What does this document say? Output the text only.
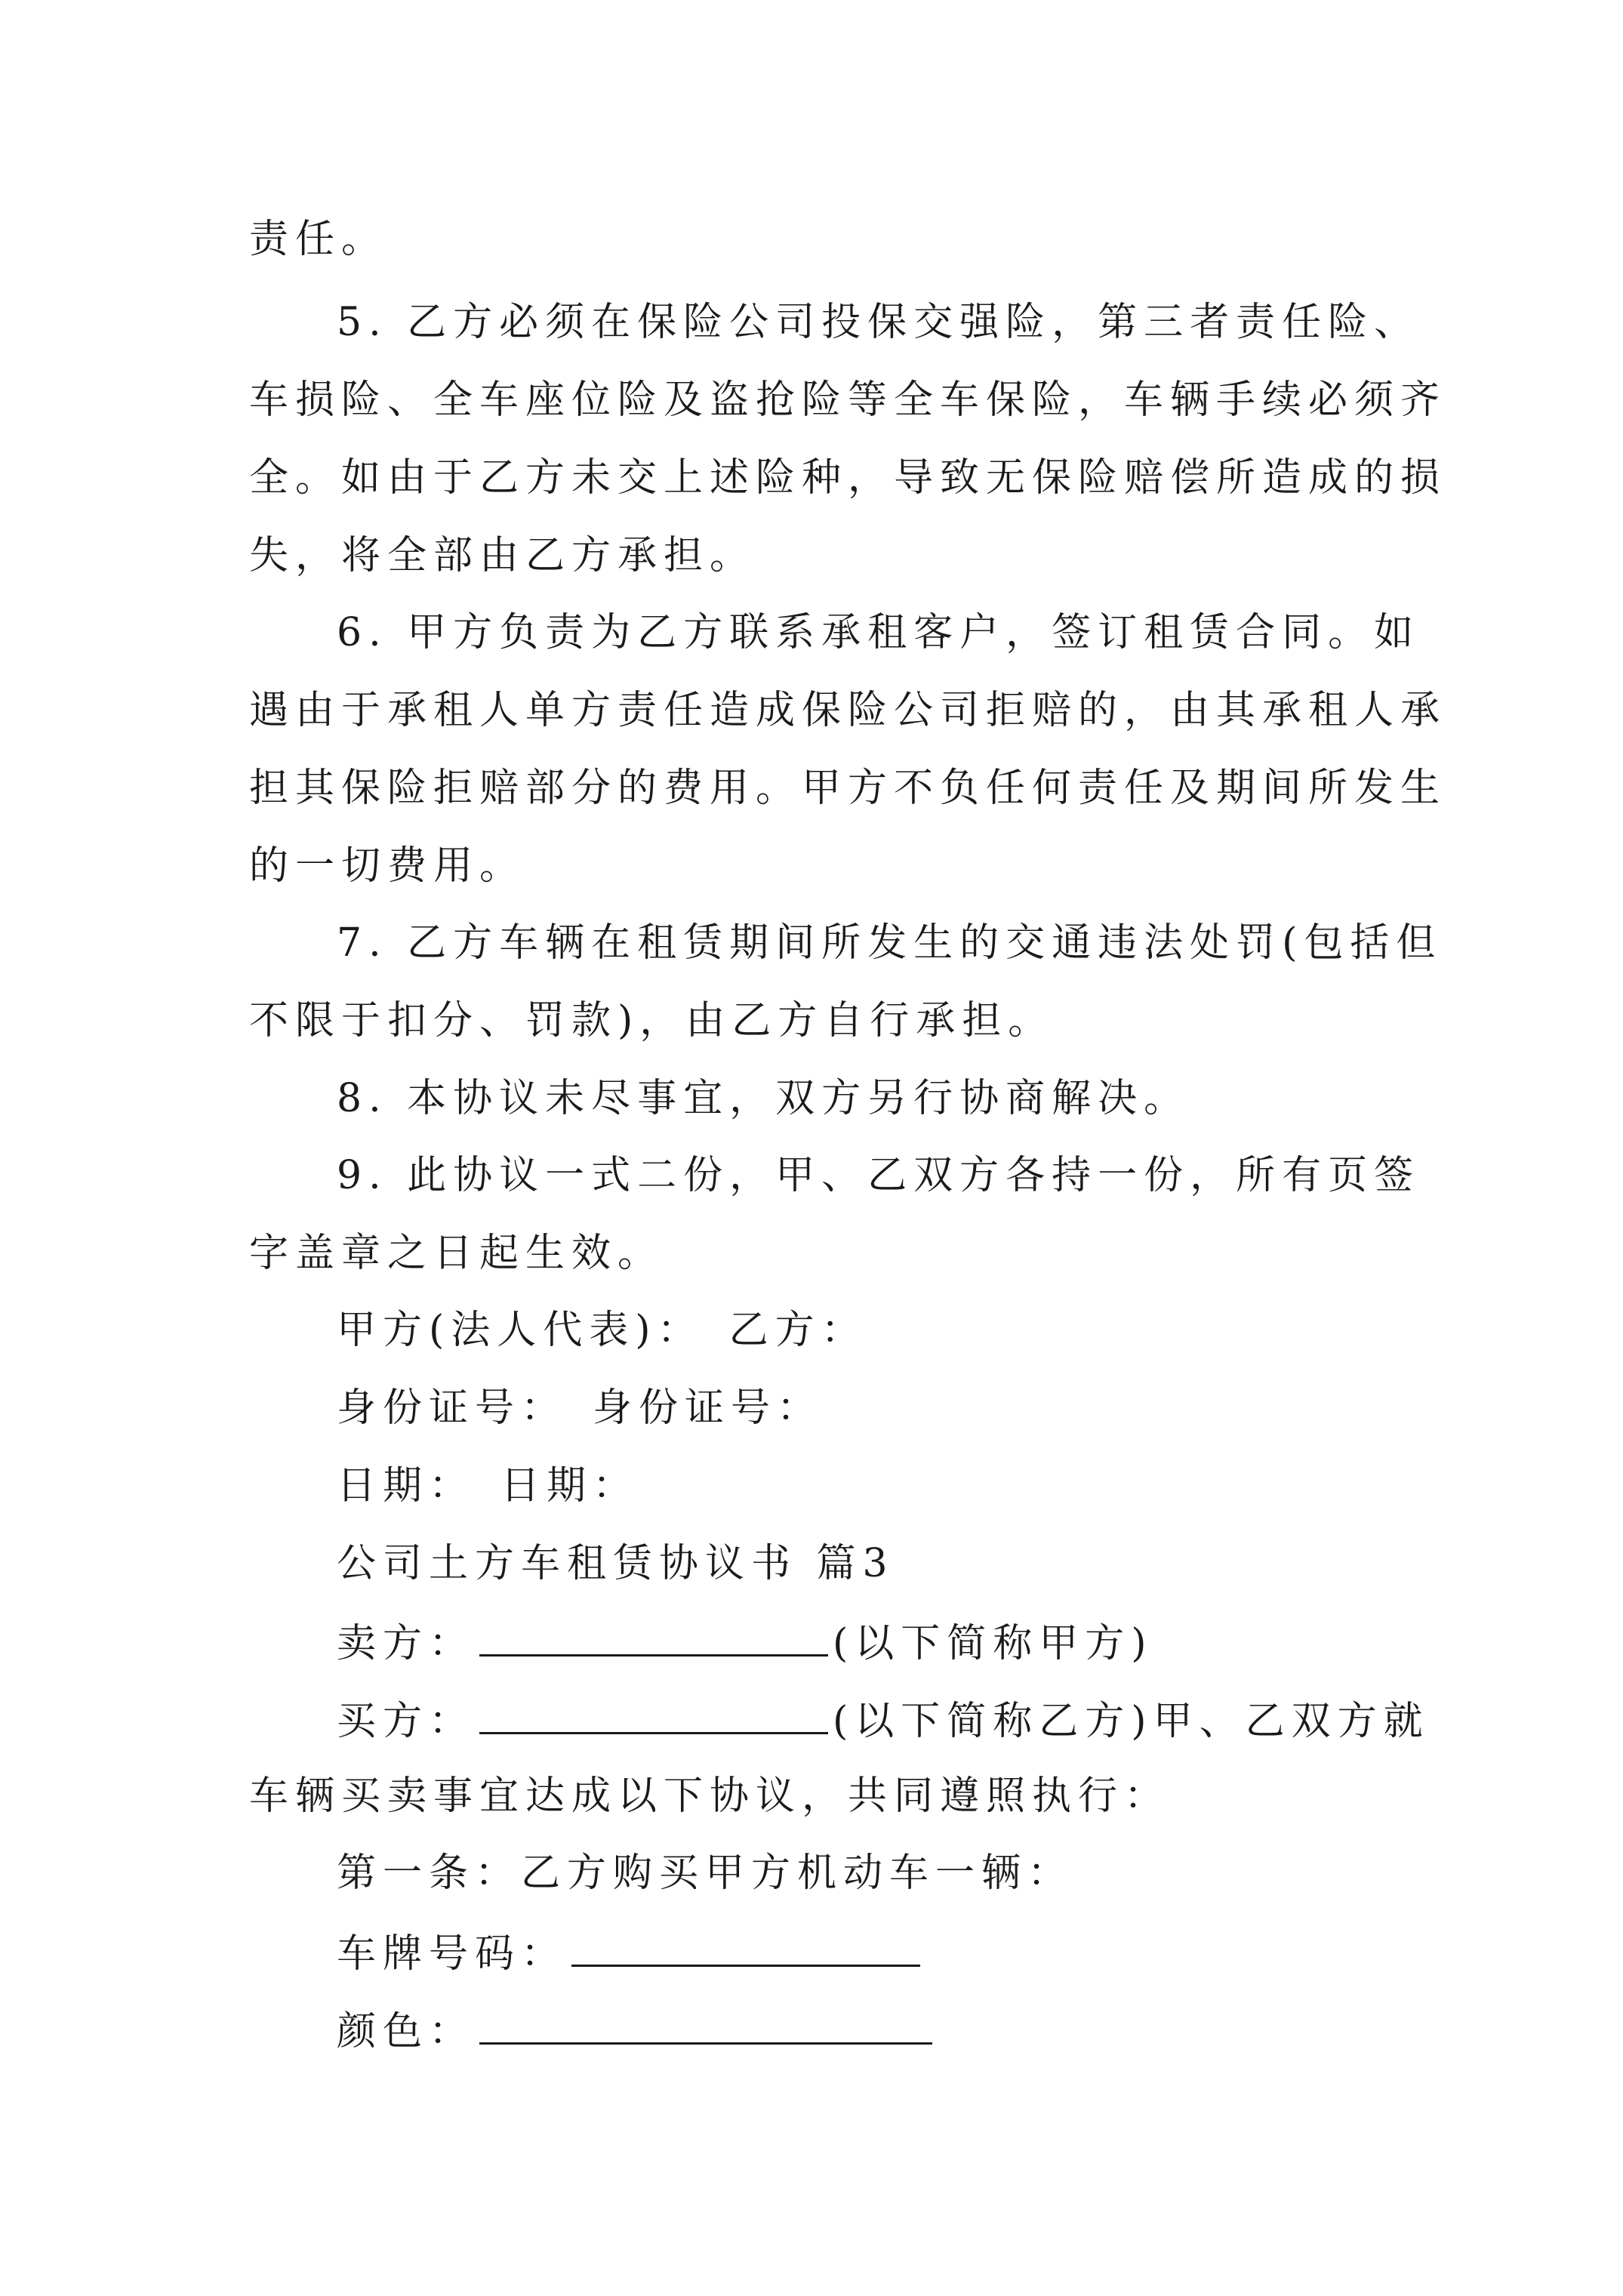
责任。
5. 乙方必须在保险公司投保交强险，第三者责任险、
车损险、全车座位险及盗抢险等全车保险，车辆手续必须齐
全。如由于乙方未交上述险种，导致无保险赔偿所造成的损
失，将全部由乙方承担。
6. 甲方负责为乙方联系承租客户，签订租赁合同。如
遇由于承租人单方责任造成保险公司拒赔的，由其承租人承
担其保险拒赔部分的费用。甲方不负任何责任及期间所发生
的一切费用。
7. 乙方车辆在租赁期间所发生的交通违法处罚(包括但
不限于扣分、罚款)，由乙方自行承担。
8. 本协议未尽事宜，双方另行协商解决。
9. 此协议一式二份，甲、乙双方各持一份，所有页签
字盖章之日起生效。
甲方(法人代表)： 乙方：
身份证号： 身份证号：
日期： 日期：
公司土方车租赁协议书 篇3
卖方：	(以下简称甲方)
买方：	(以下简称乙方)甲、乙双方就
车辆买卖事宜达成以下协议，共同遵照执行：
第一条：乙方购买甲方机动车一辆：
车牌号码：
颜色：
